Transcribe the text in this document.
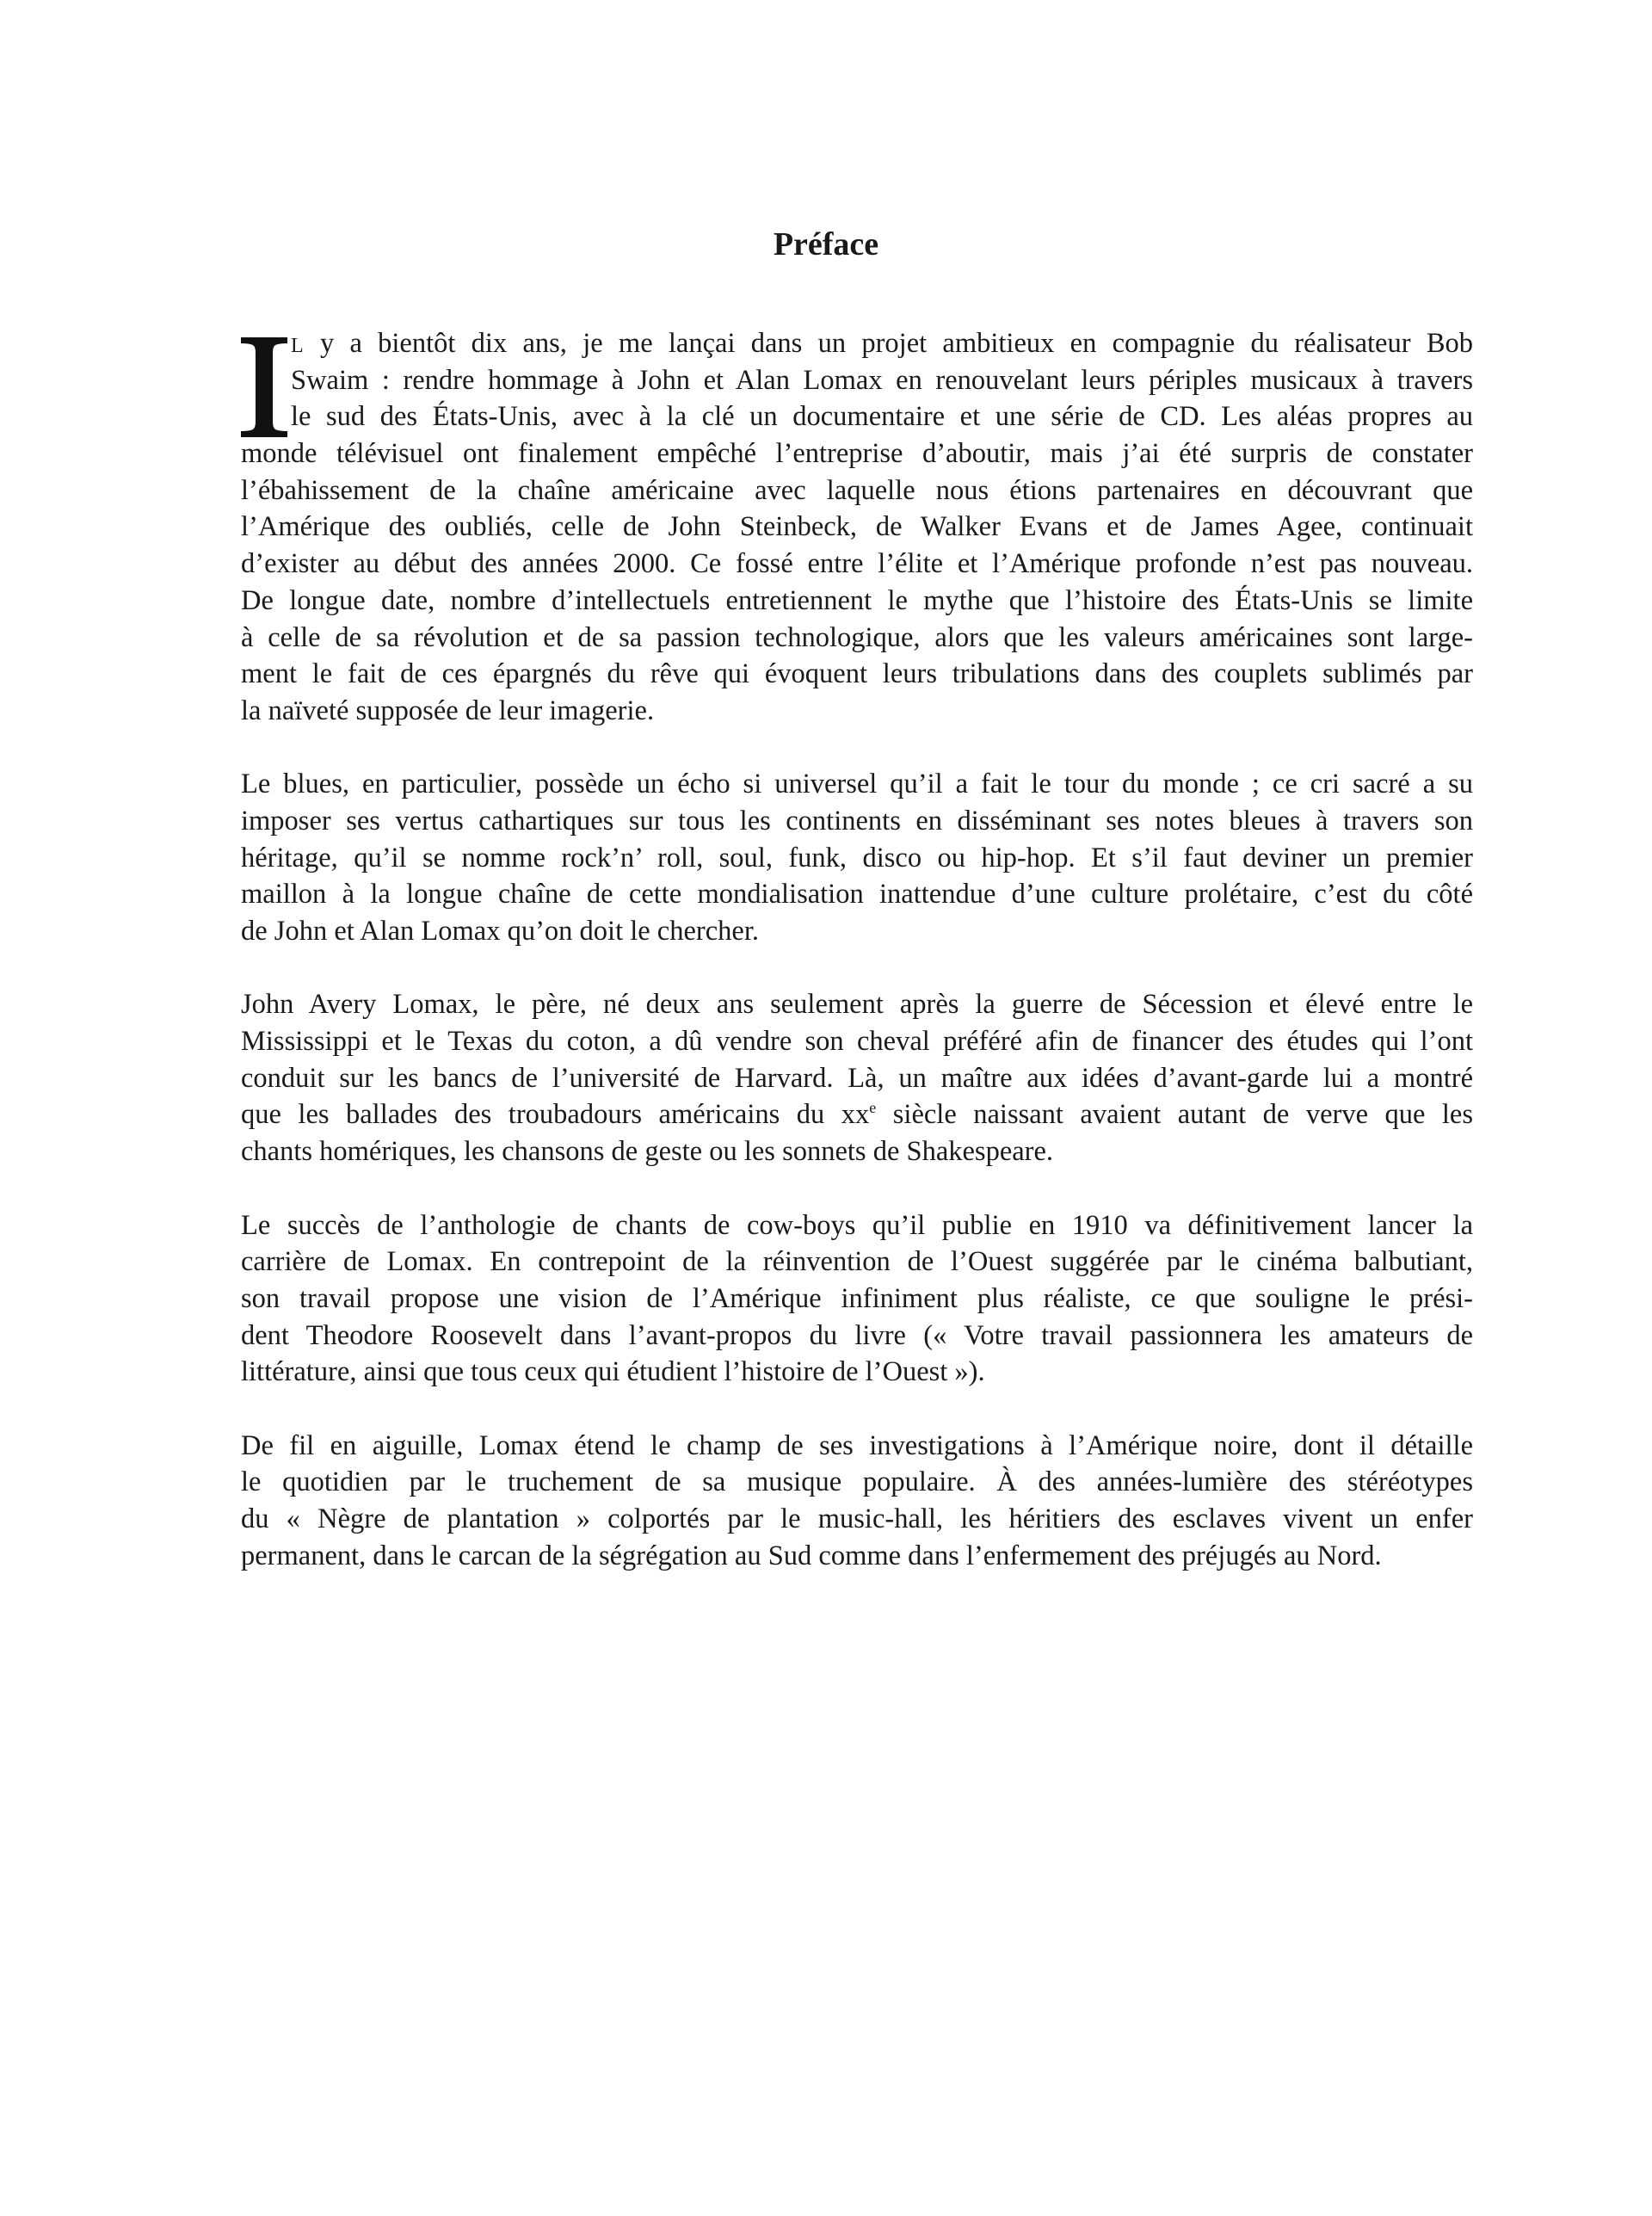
Préface
L y a bientôt dix ans, je me lançai dans un projet ambitieux en compagnie du réalisateur Bob
Swaim : rendre hommage à John et Alan Lomax en renouvelant leurs périples musicaux à travers
le sud des États-Unis, avec à la clé un documentaire et une série de CD. Les aléas propres au
monde télévisuel ont finalement empêché l’entreprise d’aboutir, mais j’ai été surpris de constater
l’ébahissement de la chaîne américaine avec laquelle nous étions partenaires en découvrant que
l’Amérique des oubliés, celle de John Steinbeck, de Walker Evans et de James Agee, continuait
d’exister au début des années 2000. Ce fossé entre l’élite et l’Amérique profonde n’est pas nouveau.
De longue date, nombre d’intellectuels entretiennent le mythe que l’histoire des États-Unis se limite
à celle de sa révolution et de sa passion technologique, alors que les valeurs américaines sont large-
ment le fait de ces épargnés du rêve qui évoquent leurs tribulations dans des couplets sublimés par
la naïveté supposée de leur imagerie.
Le blues, en particulier, possède un écho si universel qu’il a fait le tour du monde ; ce cri sacré a su
imposer ses vertus cathartiques sur tous les continents en disséminant ses notes bleues à travers son
héritage, qu’il se nomme rock’n’ roll, soul, funk, disco ou hip-hop. Et s’il faut deviner un premier
maillon à la longue chaîne de cette mondialisation inattendue d’une culture prolétaire, c’est du côté
de John et Alan Lomax qu’on doit le chercher.
John Avery Lomax, le père, né deux ans seulement après la guerre de Sécession et élevé entre le
Mississippi et le Texas du coton, a dû vendre son cheval préféré afin de financer des études qui l’ont
conduit sur les bancs de l’université de Harvard. Là, un maître aux idées d’avant-garde lui a montré
que les ballades des troubadours américains du $xx^e$ siècle naissant avaient autant de verve que les
chants homériques, les chansons de geste ou les sonnets de Shakespeare.
Le succès de l’anthologie de chants de cow-boys qu’il publie en 1910 va définitivement lancer la
carrière de Lomax. En contrepoint de la réinvention de l’Ouest suggérée par le cinéma balbutiant,
son travail propose une vision de l’Amérique infiniment plus réaliste, ce que souligne le prési-
dent Theodore Roosevelt dans l’avant-propos du livre (« Votre travail passionnera les amateurs de
littérature, ainsi que tous ceux qui étudient l’histoire de l’Ouest »).
De fil en aiguille, Lomax étend le champ de ses investigations à l’Amérique noire, dont il détaille
le quotidien par le truchement de sa musique populaire. À des années-lumière des stéréotypes
du « Nègre de plantation » colportés par le music-hall, les héritiers des esclaves vivent un enfer
permanent, dans le carcan de la ségrégation au Sud comme dans l’enfermement des préjugés au Nord.
